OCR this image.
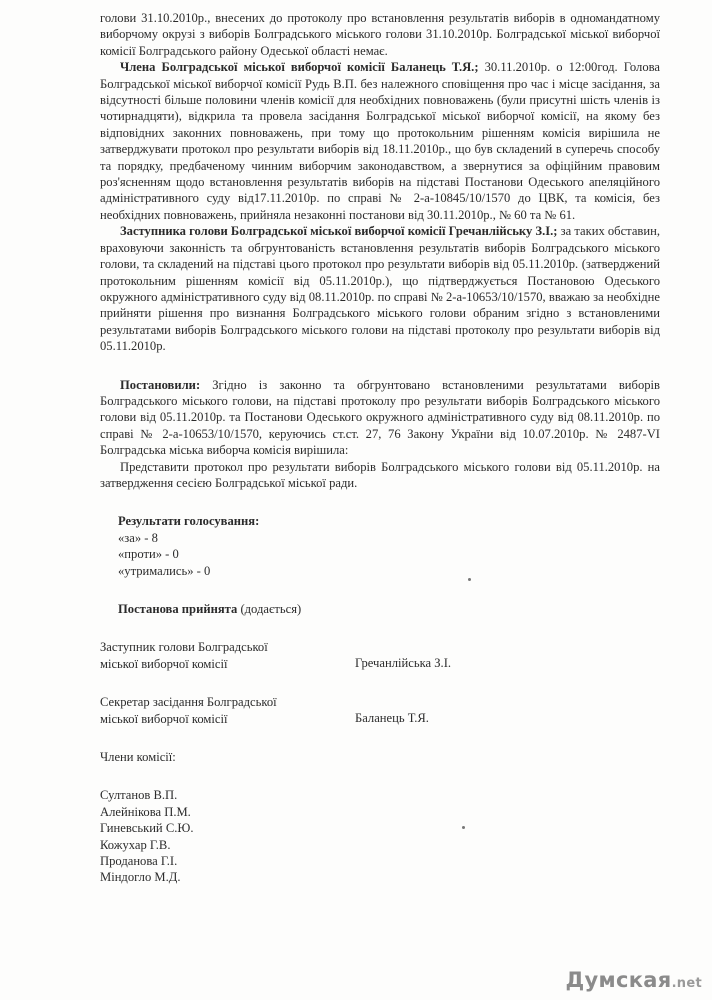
голови 31.10.2010р., внесених до протоколу про встановлення результатів виборів в одномандатному виборчому окрузі з виборів Болградського міського голови 31.10.2010р. Болградської міської виборчої комісії Болградського району Одеської області немає.

Члена Болградської міської виборчої комісії Баланець Т.Я.; 30.11.2010р. о 12:00год. Голова Болградської міської виборчої комісії Рудь В.П. без належного сповіщення про час і місце засідання, за відсутності більше половини членів комісії для необхідних повноважень (були присутні шість членів із чотирнадцяти), відкрила та провела засідання Болградської міської виборчої комісії, на якому без відповідних законних повноважень, при тому що протокольним рішенням комісія вирішила не затверджувати протокол про результати виборів від 18.11.2010р., що був складений в суперечь способу та порядку, предбаченому чинним виборчим законодавством, а звернутися за офіційним правовим роз'ясненням щодо встановлення результатів виборів на підставі Постанови Одеського апеляційного адміністративного суду від17.11.2010р. по справі № 2-а-10845/10/1570 до ЦВК, та комісія, без необхідних повноважень, прийняла незаконні постанови від 30.11.2010р., № 60 та № 61.

Заступника голови Болградської міської виборчої комісії Гречанлійську З.І.; за таких обставин, враховуючи законність та обгрунтованість встановлення результатів виборів Болградського міського голови, та складений на підставі цього протокол про результати виборів від 05.11.2010р. (затверджений протокольним рішенням комісії від 05.11.2010р.), що підтверджується Постановою Одеського окружного адміністративного суду від 08.11.2010р. по справі № 2-а-10653/10/1570, вважаю за необхідне прийняти рішення про визнання Болградського міського голови обраним згідно з встановленими результатами виборів Болградського міського голови на підставі протоколу про результати виборів від 05.11.2010р.

Постановили: Згідно із законно та обгрунтовано встановленими результатами виборів Болградського міського голови, на підставі протоколу про результати виборів Болградського міського голови від 05.11.2010р. та Постанови Одеського окружного адміністративного суду від 08.11.2010р. по справі № 2-а-10653/10/1570, керуючись ст.ст. 27, 76 Закону України від 10.07.2010р. № 2487-VI Болградська міська виборча комісія вирішила:

Представити протокол про результати виборів Болградського міського голови від 05.11.2010р. на затвердження сесією Болградської міської ради.

Результати голосування:

«за» - 8

«проти» - 0

«утримались» - 0

Постанова прийнята (додається)

Заступник голови Болградської
міської виборчої комісії	Гречанлійська З.І.
Секретар засідання Болградської
міської виборчої комісії	Баланець Т.Я.

Члени комісії:

Султанов В.П.

Алейнікова П.М.

Гиневський С.Ю.

Кожухар Г.В.

Проданова Г.І.

Міндогло М.Д.

Думская.net
